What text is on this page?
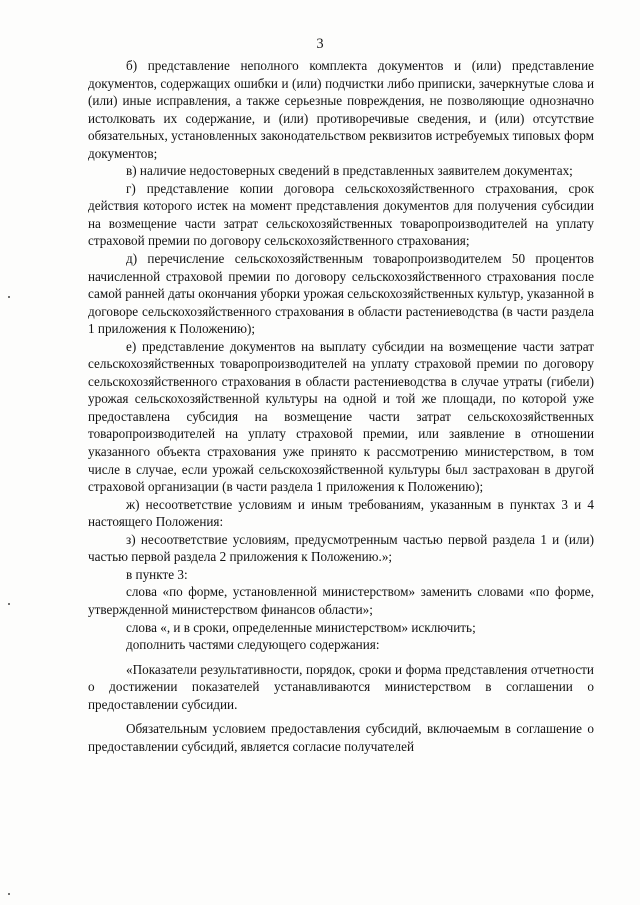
3

б) представление неполного комплекта документов и (или) представление документов, содержащих ошибки и (или) подчистки либо приписки, зачеркнутые слова и (или) иные исправления, а также серьезные повреждения, не позволяющие однозначно истолковать их содержание, и (или) противоречивые сведения, и (или) отсутствие обязательных, установленных законодательством реквизитов истребуемых типовых форм документов;

в) наличие недостоверных сведений в представленных заявителем документах;

г) представление копии договора сельскохозяйственного страхования, срок действия которого истек на момент представления документов для получения субсидии на возмещение части затрат сельскохозяйственных товаропроизводителей на уплату страховой премии по договору сельскохозяйственного страхования;

д) перечисление сельскохозяйственным товаропроизводителем 50 процентов начисленной страховой премии по договору сельскохозяйственного страхования после самой ранней даты окончания уборки урожая сельскохозяйственных культур, указанной в договоре сельскохозяйственного страхования в области растениеводства (в части раздела 1 приложения к Положению);

е) представление документов на выплату субсидии на возмещение части затрат сельскохозяйственных товаропроизводителей на уплату страховой премии по договору сельскохозяйственного страхования в области растениеводства в случае утраты (гибели) урожая сельскохозяйственной культуры на одной и той же площади, по которой уже предоставлена субсидия на возмещение части затрат сельскохозяйственных товаропроизводителей на уплату страховой премии, или заявление в отношении указанного объекта страхования уже принято к рассмотрению министерством, в том числе в случае, если урожай сельскохозяйственной культуры был застрахован в другой страховой организации (в части раздела 1 приложения к Положению);

ж) несоответствие условиям и иным требованиям, указанным в пунктах 3 и 4 настоящего Положения:

з) несоответствие условиям, предусмотренным частью первой раздела 1 и (или) частью первой раздела 2 приложения к Положению.»;

в пункте 3:

слова «по форме, установленной министерством» заменить словами «по форме, утвержденной министерством финансов области»;

слова «, и в сроки, определенные министерством» исключить;

дополнить частями следующего содержания:

«Показатели результативности, порядок, сроки и форма представления отчетности о достижении показателей устанавливаются министерством в соглашении о предоставлении субсидии.

Обязательным условием предоставления субсидий, включаемым в соглашение о предоставлении субсидий, является согласие получателей
